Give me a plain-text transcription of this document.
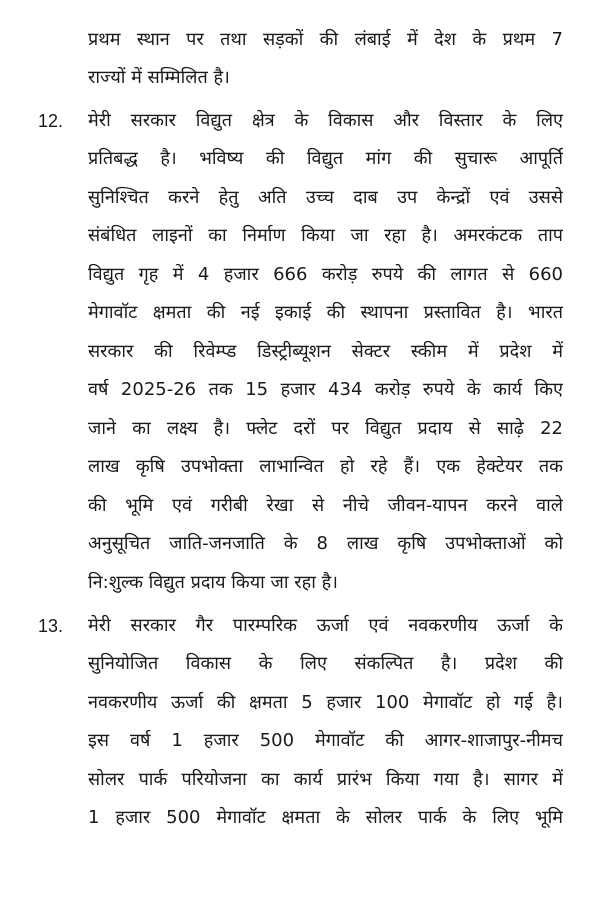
प्रथम स्थान पर तथा सड़कों की लंबाई में देश के प्रथम 7
राज्यों में सम्मिलित है।
12. मेरी सरकार विद्युत क्षेत्र के विकास और विस्तार के लिए
प्रतिबद्ध है। भविष्य की विद्युत मांग की सुचारू आपूर्ति
सुनिश्चित करने हेतु अति उच्च दाब उप केन्द्रों एवं उससे
संबंधित लाइनों का निर्माण किया जा रहा है। अमरकंटक ताप
विद्युत गृह में 4 हजार 666 करोड़ रुपये की लागत से 660
मेगावॉट क्षमता की नई इकाई की स्थापना प्रस्तावित है। भारत
सरकार की रिवेम्प्ड डिस्ट्रीब्यूशन सेक्टर स्कीम में प्रदेश में
वर्ष 2025-26 तक 15 हजार 434 करोड़ रुपये के कार्य किए
जाने का लक्ष्य है। फ्लेट दरों पर विद्युत प्रदाय से साढ़े 22
लाख कृषि उपभोक्ता लाभान्वित हो रहे हैं। एक हेक्टेयर तक
की भूमि एवं गरीबी रेखा से नीचे जीवन-यापन करने वाले
अनुसूचित जाति-जनजाति के 8 लाख कृषि उपभोक्ताओं को
नि:शुल्क विद्युत प्रदाय किया जा रहा है।
13. मेरी सरकार गैर पारम्परिक ऊर्जा एवं नवकरणीय ऊर्जा के
सुनियोजित विकास के लिए संकल्पित है। प्रदेश की
नवकरणीय ऊर्जा की क्षमता 5 हजार 100 मेगावॉट हो गई है।
इस वर्ष 1 हजार 500 मेगावॉट की आगर-शाजापुर-नीमच
सोलर पार्क परियोजना का कार्य प्रारंभ किया गया है। सागर में
1 हजार 500 मेगावॉट क्षमता के सोलर पार्क के लिए भूमि
